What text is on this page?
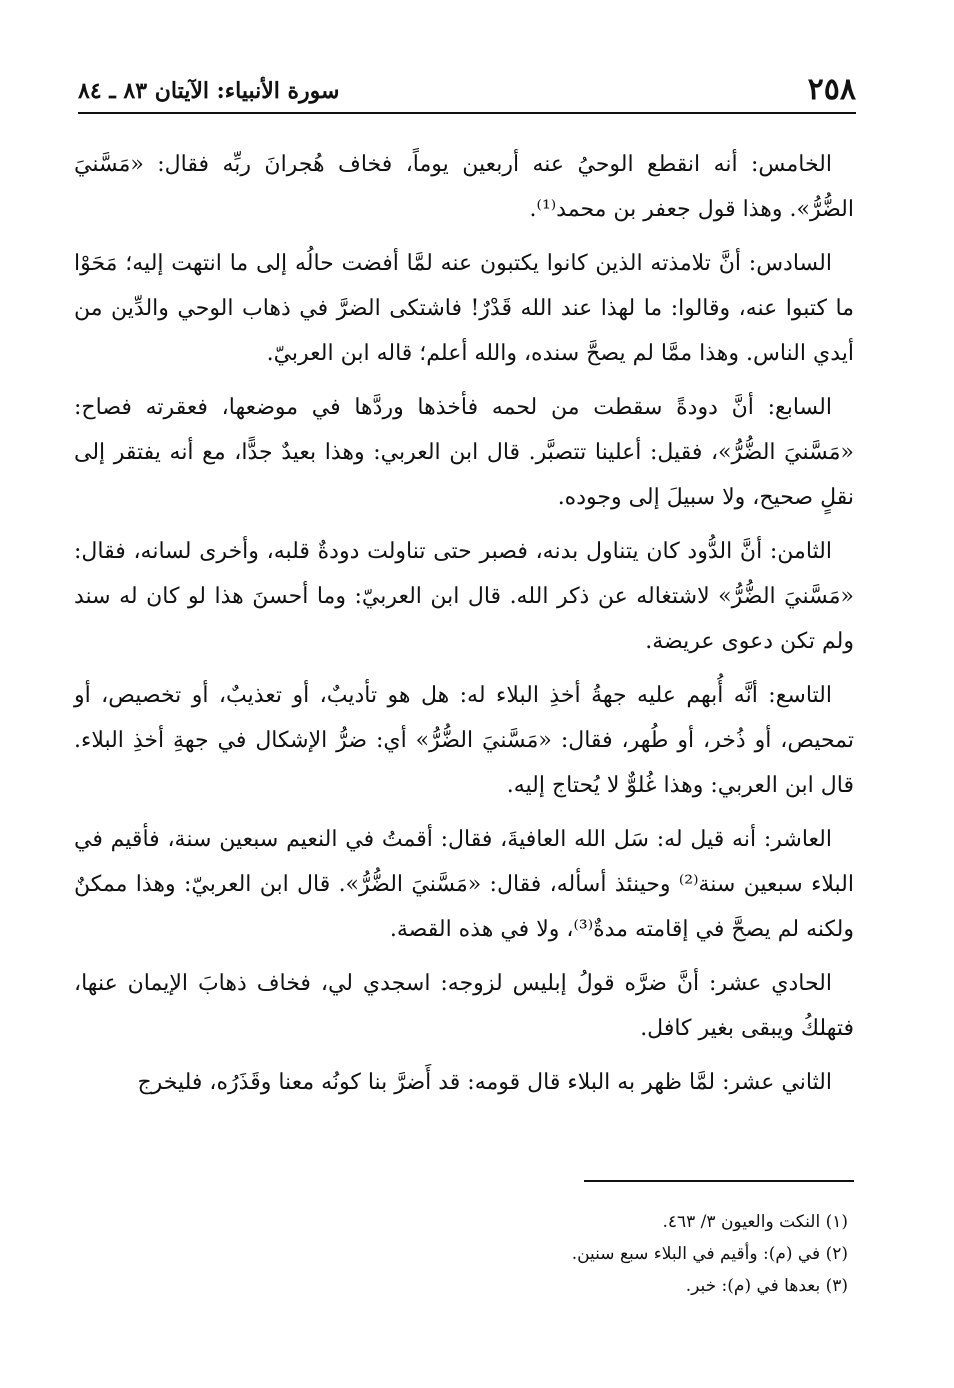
٢٥٨
سورة الأنبياء: الآيتان ٨٣ ـ ٨٤

الخامس: أنه انقطع الوحيُ عنه أربعين يوماً، فخاف هُجرانَ ربِّه فقال: «مَسَّنيَ الضُّرُّ». وهذا قول جعفر بن محمد⁽¹⁾.

السادس: أنَّ تلامذته الذين كانوا يكتبون عنه لمَّا أفضت حالُه إلى ما انتهت إليه؛ مَحَوْا ما كتبوا عنه، وقالوا: ما لهذا عند الله قَدْرٌ! فاشتكى الضرَّ في ذهاب الوحي والدِّين من أيدي الناس. وهذا ممَّا لم يصحَّ سنده، والله أعلم؛ قاله ابن العربيّ.

السابع: أنَّ دودةً سقطت من لحمه فأخذها وردَّها في موضعها، فعقرته فصاح: «مَسَّنيَ الضُّرُّ»، فقيل: أعلينا تتصبَّر. قال ابن العربي: وهذا بعيدٌ جدًّا، مع أنه يفتقر إلى نقلٍ صحيح، ولا سبيلَ إلى وجوده.

الثامن: أنَّ الدُّود كان يتناول بدنه، فصبر حتى تناولت دودةٌ قلبه، وأخرى لسانه، فقال: «مَسَّنيَ الضُّرُّ» لاشتغاله عن ذكر الله. قال ابن العربيّ: وما أحسنَ هذا لو كان له سند ولم تكن دعوى عريضة.

التاسع: أنَّه أُبهم عليه جهةُ أخذِ البلاء له: هل هو تأديبٌ، أو تعذيبٌ، أو تخصيص، أو تمحيص، أو ذُخر، أو طُهر، فقال: «مَسَّنيَ الضُّرُّ» أي: ضرُّ الإشكال في جهةِ أخذِ البلاء. قال ابن العربي: وهذا غُلوٌّ لا يُحتاج إليه.

العاشر: أنه قيل له: سَل الله العافيةَ، فقال: أقمتُ في النعيم سبعين سنة، فأقيم في البلاء سبعين سنة⁽²⁾ وحينئذ أسأله، فقال: «مَسَّنيَ الضُّرُّ». قال ابن العربيّ: وهذا ممكنٌ ولكنه لم يصحَّ في إقامته مدةٌ⁽³⁾، ولا في هذه القصة.

الحادي عشر: أنَّ ضرَّه قولُ إبليس لزوجه: اسجدي لي، فخاف ذهابَ الإيمان عنها، فتهلكُ ويبقى بغير كافل.

الثاني عشر: لمَّا ظهر به البلاء قال قومه: قد أَضرَّ بنا كونُه معنا وقَذَرُه، فليخرج

(١) النكت والعيون ٣/ ٤٦٣.

(٢) في (م): وأقيم في البلاء سبع سنين.

(٣) بعدها في (م): خبر.
